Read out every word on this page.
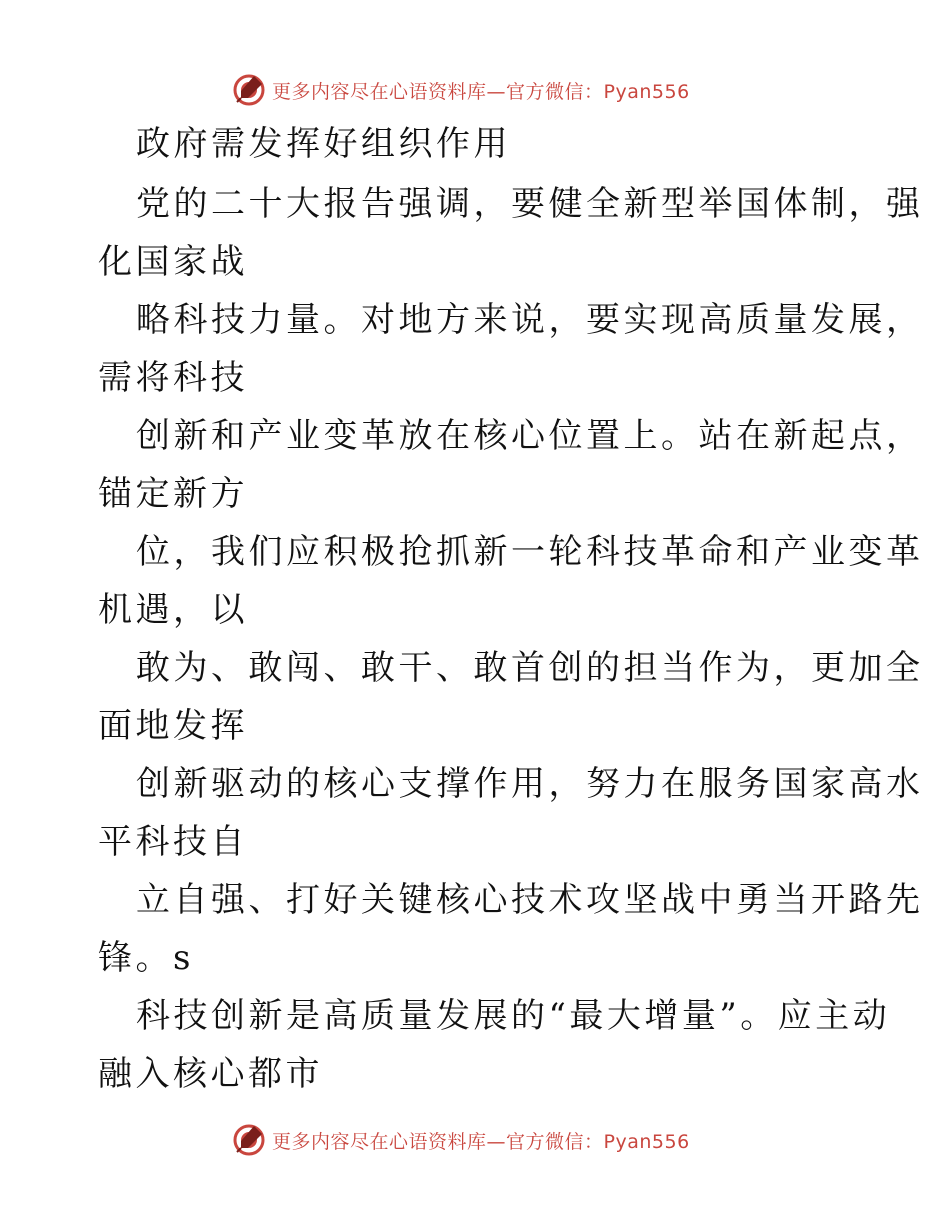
更多内容尽在心语资料库—官方微信：Pyan556
政府需发挥好组织作用
党的二十大报告强调，要健全新型举国体制，强
化国家战
略科技力量。对地方来说，要实现高质量发展，
需将科技
创新和产业变革放在核心位置上。站在新起点，
锚定新方
位，我们应积极抢抓新一轮科技革命和产业变革
机遇，以
敢为、敢闯、敢干、敢首创的担当作为，更加全
面地发挥
创新驱动的核心支撑作用，努力在服务国家高水
平科技自
立自强、打好关键核心技术攻坚战中勇当开路先
锋。s
科技创新是高质量发展的“最大增量”。应主动
融入核心都市
更多内容尽在心语资料库—官方微信：Pyan556
